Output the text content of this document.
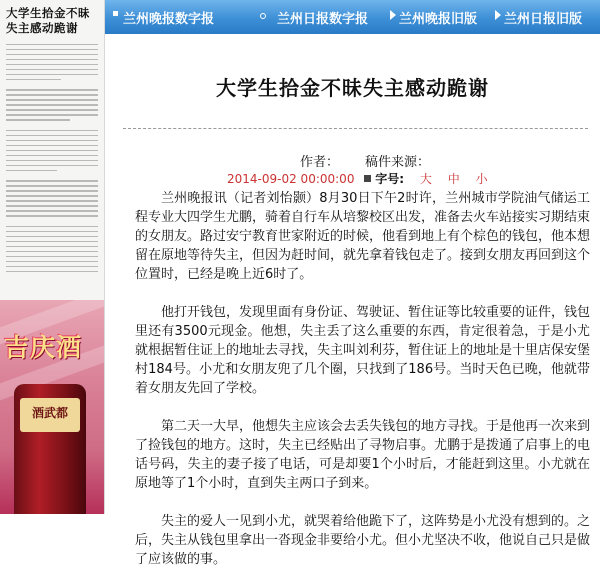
大学生拾金不昧失主感动跪谢
吉庆酒
酒武都
兰州晚报数字报	兰州日报数字报 兰州晚报旧版 兰州日报旧版
大学生拾金不昧失主感动跪谢
作者： 稿件来源：
2014-09-02 00:00:00 字号: 大 中 小

兰州晚报讯（记者刘怡颢）8月30日下午2时许，兰州城市学院油气储运工程专业大四学生尤鹏，骑着自行车从培黎校区出发，准备去火车站接实习期结束的女朋友。路过安宁教育世家附近的时候，他看到地上有个棕色的钱包，他本想留在原地等待失主，但因为赶时间，就先拿着钱包走了。接到女朋友再回到这个位置时，已经是晚上近6时了。

他打开钱包，发现里面有身份证、驾驶证、暂住证等比较重要的证件，钱包里还有3500元现金。他想，失主丢了这么重要的东西，肯定很着急，于是小尤就根据暂住证上的地址去寻找，失主叫刘利芬，暂住证上的地址是十里店保安堡村184号。小尤和女朋友兜了几个圈，只找到了186号。当时天色已晚，他就带着女朋友先回了学校。

第二天一大早，他想失主应该会去丢失钱包的地方寻找。于是他再一次来到了捡钱包的地方。这时，失主已经贴出了寻物启事。尤鹏于是拨通了启事上的电话号码，失主的妻子接了电话，可是却要1个小时后，才能赶到这里。小尤就在原地等了1个小时，直到失主两口子到来。

失主的爱人一见到小尤，就哭着给他跪下了，这阵势是小尤没有想到的。之后，失主从钱包里拿出一沓现金非要给小尤。但小尤坚决不收，他说自己只是做了应该做的事。
